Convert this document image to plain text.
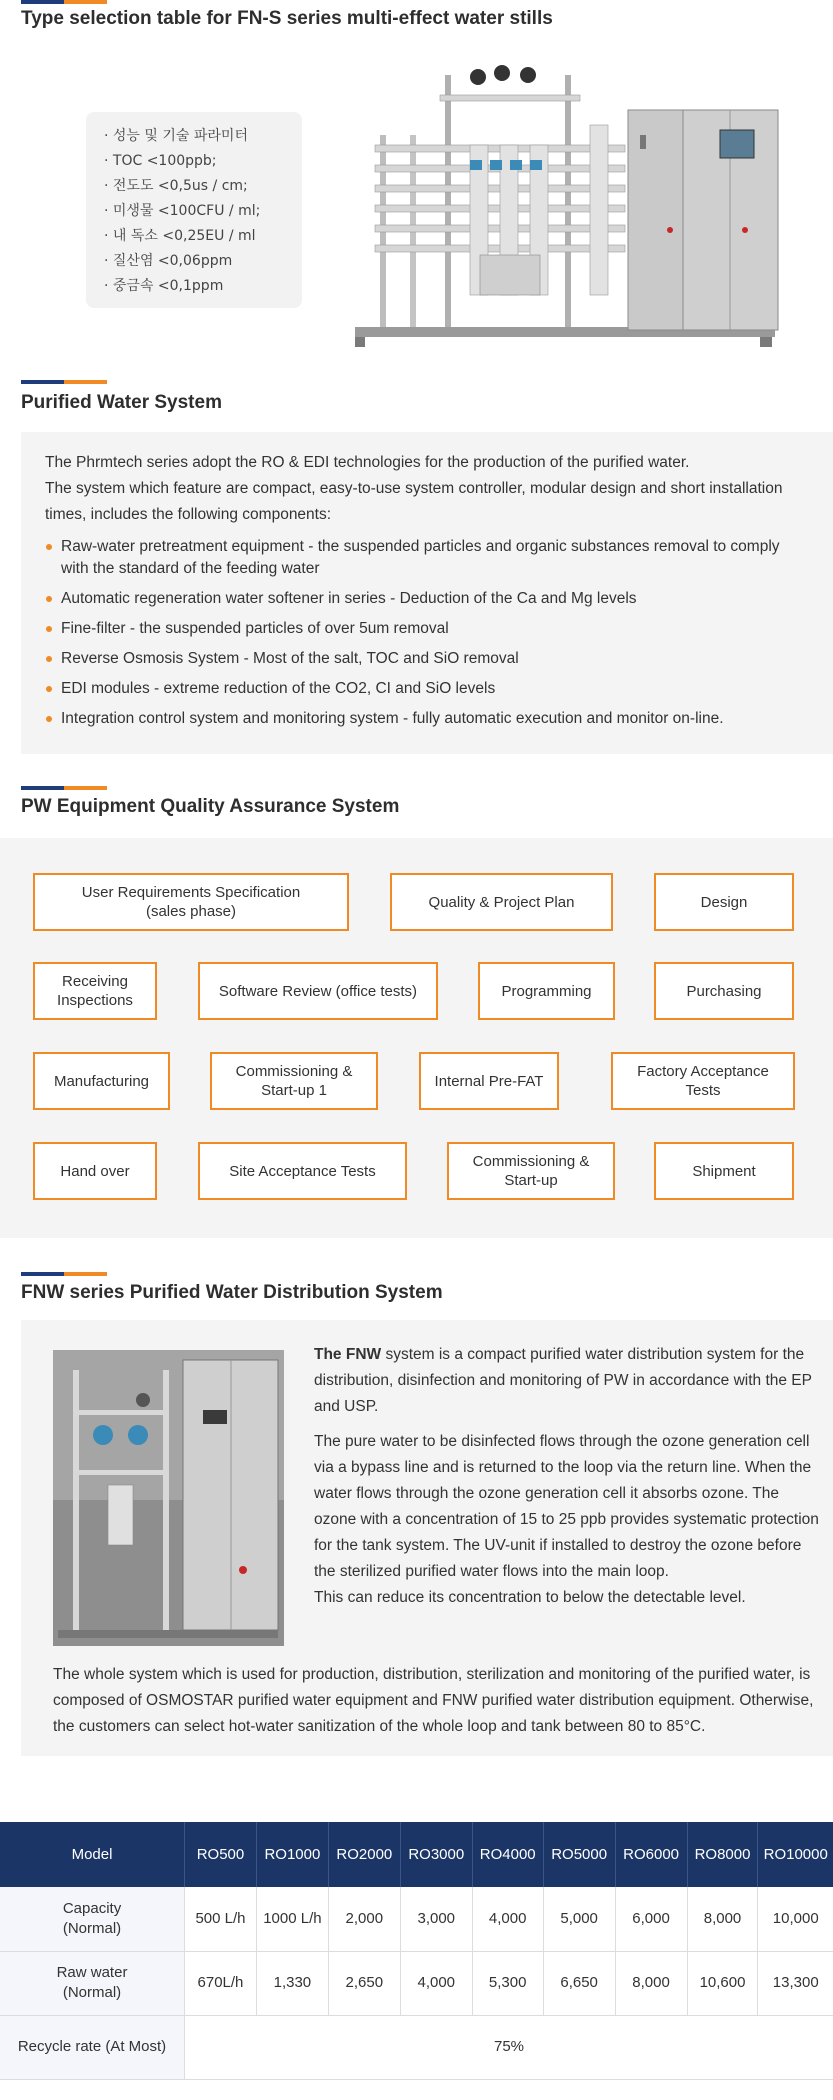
Type selection table for FN-S series multi-effect water stills
· 성능 및 기술 파라미터
· TOC <100ppb;
· 전도도 <0,5us / cm;
· 미생물 <100CFU / ml;
· 내 독소 <0,25EU / ml
· 질산염 <0,06ppm
· 중금속 <0,1ppm
Purified Water System

The Phrmtech series adopt the RO & EDI technologies for the production of the purified water.

The system which feature are compact, easy-to-use system controller, modular design and short installation times, includes the following components:

Raw-water pretreatment equipment - the suspended particles and organic substances removal to comply with the standard of the feeding water
Automatic regeneration water softener in series - Deduction of the Ca and Mg levels
Fine-filter - the suspended particles of over 5um removal
Reverse Osmosis System - Most of the salt, TOC and SiO removal
EDI modules - extreme reduction of the CO2, CI and SiO levels
Integration control system and monitoring system - fully automatic execution and monitor on-line.
PW Equipment Quality Assurance System
User Requirements Specification
(sales phase)
Quality & Project Plan	Design
Receiving
Inspections
Software Review (office tests)	Programming	Purchasing
Manufacturing
Commissioning &
Start-up 1
Internal Pre-FAT
Factory Acceptance
Tests
Hand over	Site Acceptance Tests
Commissioning &
Start-up
Shipment
FNW series Purified Water Distribution System

The FNW system is a compact purified water distribution system for the distribution, disinfection and monitoring of PW in accordance with the EP and USP.

The pure water to be disinfected flows through the ozone generation cell via a bypass line and is returned to the loop via the return line. When the water flows through the ozone generation cell it absorbs ozone. The ozone with a concentration of 15 to 25 ppb provides systematic protection for the tank system. The UV-unit if installed to destroy the ozone before the sterilized purified water flows into the main loop.

This can reduce its concentration to below the detectable level.

The whole system which is used for production, distribution, sterilization and monitoring of the purified water, is composed of OSMOSTAR purified water equipment and FNW purified water distribution equipment. Otherwise, the customers can select hot-water sanitization of the whole loop and tank between 80 to 85°C.

Model	RO500	RO1000	RO2000	RO3000	RO4000	RO5000	RO6000	RO8000	RO10000
Capacity
(Normal)	500 L/h	1000 L/h	2,000	3,000	4,000	5,000	6,000	8,000	10,000
Raw water
(Normal)	670L/h	1,330	2,650	4,000	5,300	6,650	8,000	10,600	13,300
Recycle rate (At Most)	75%								
